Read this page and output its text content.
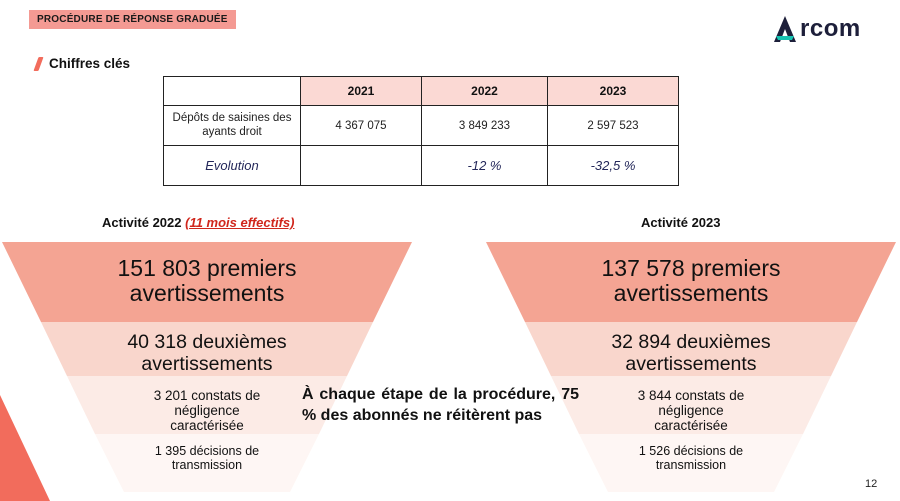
PROCÉDURE DE RÉPONSE GRADUÉE	rcom
Chiffres clés
	2021	2022	2023
Dépôts de saisines des ayants droit	4 367 075	3 849 233	2 597 523
Evolution		-12 %	-32,5 %
Activité 2022 (11 mois effectifs)	Activité 2023
151 803 premiers avertissements
40 318 deuxièmes avertissements
3 201 constats de négligence caractérisée
1 395 décisions de transmission
137 578 premiers avertissements
32 894 deuxièmes avertissements
3 844 constats de négligence caractérisée
1 526 décisions de transmission
À chaque étape de la procédure, 75 % des abonnés ne réitèrent pas
12
